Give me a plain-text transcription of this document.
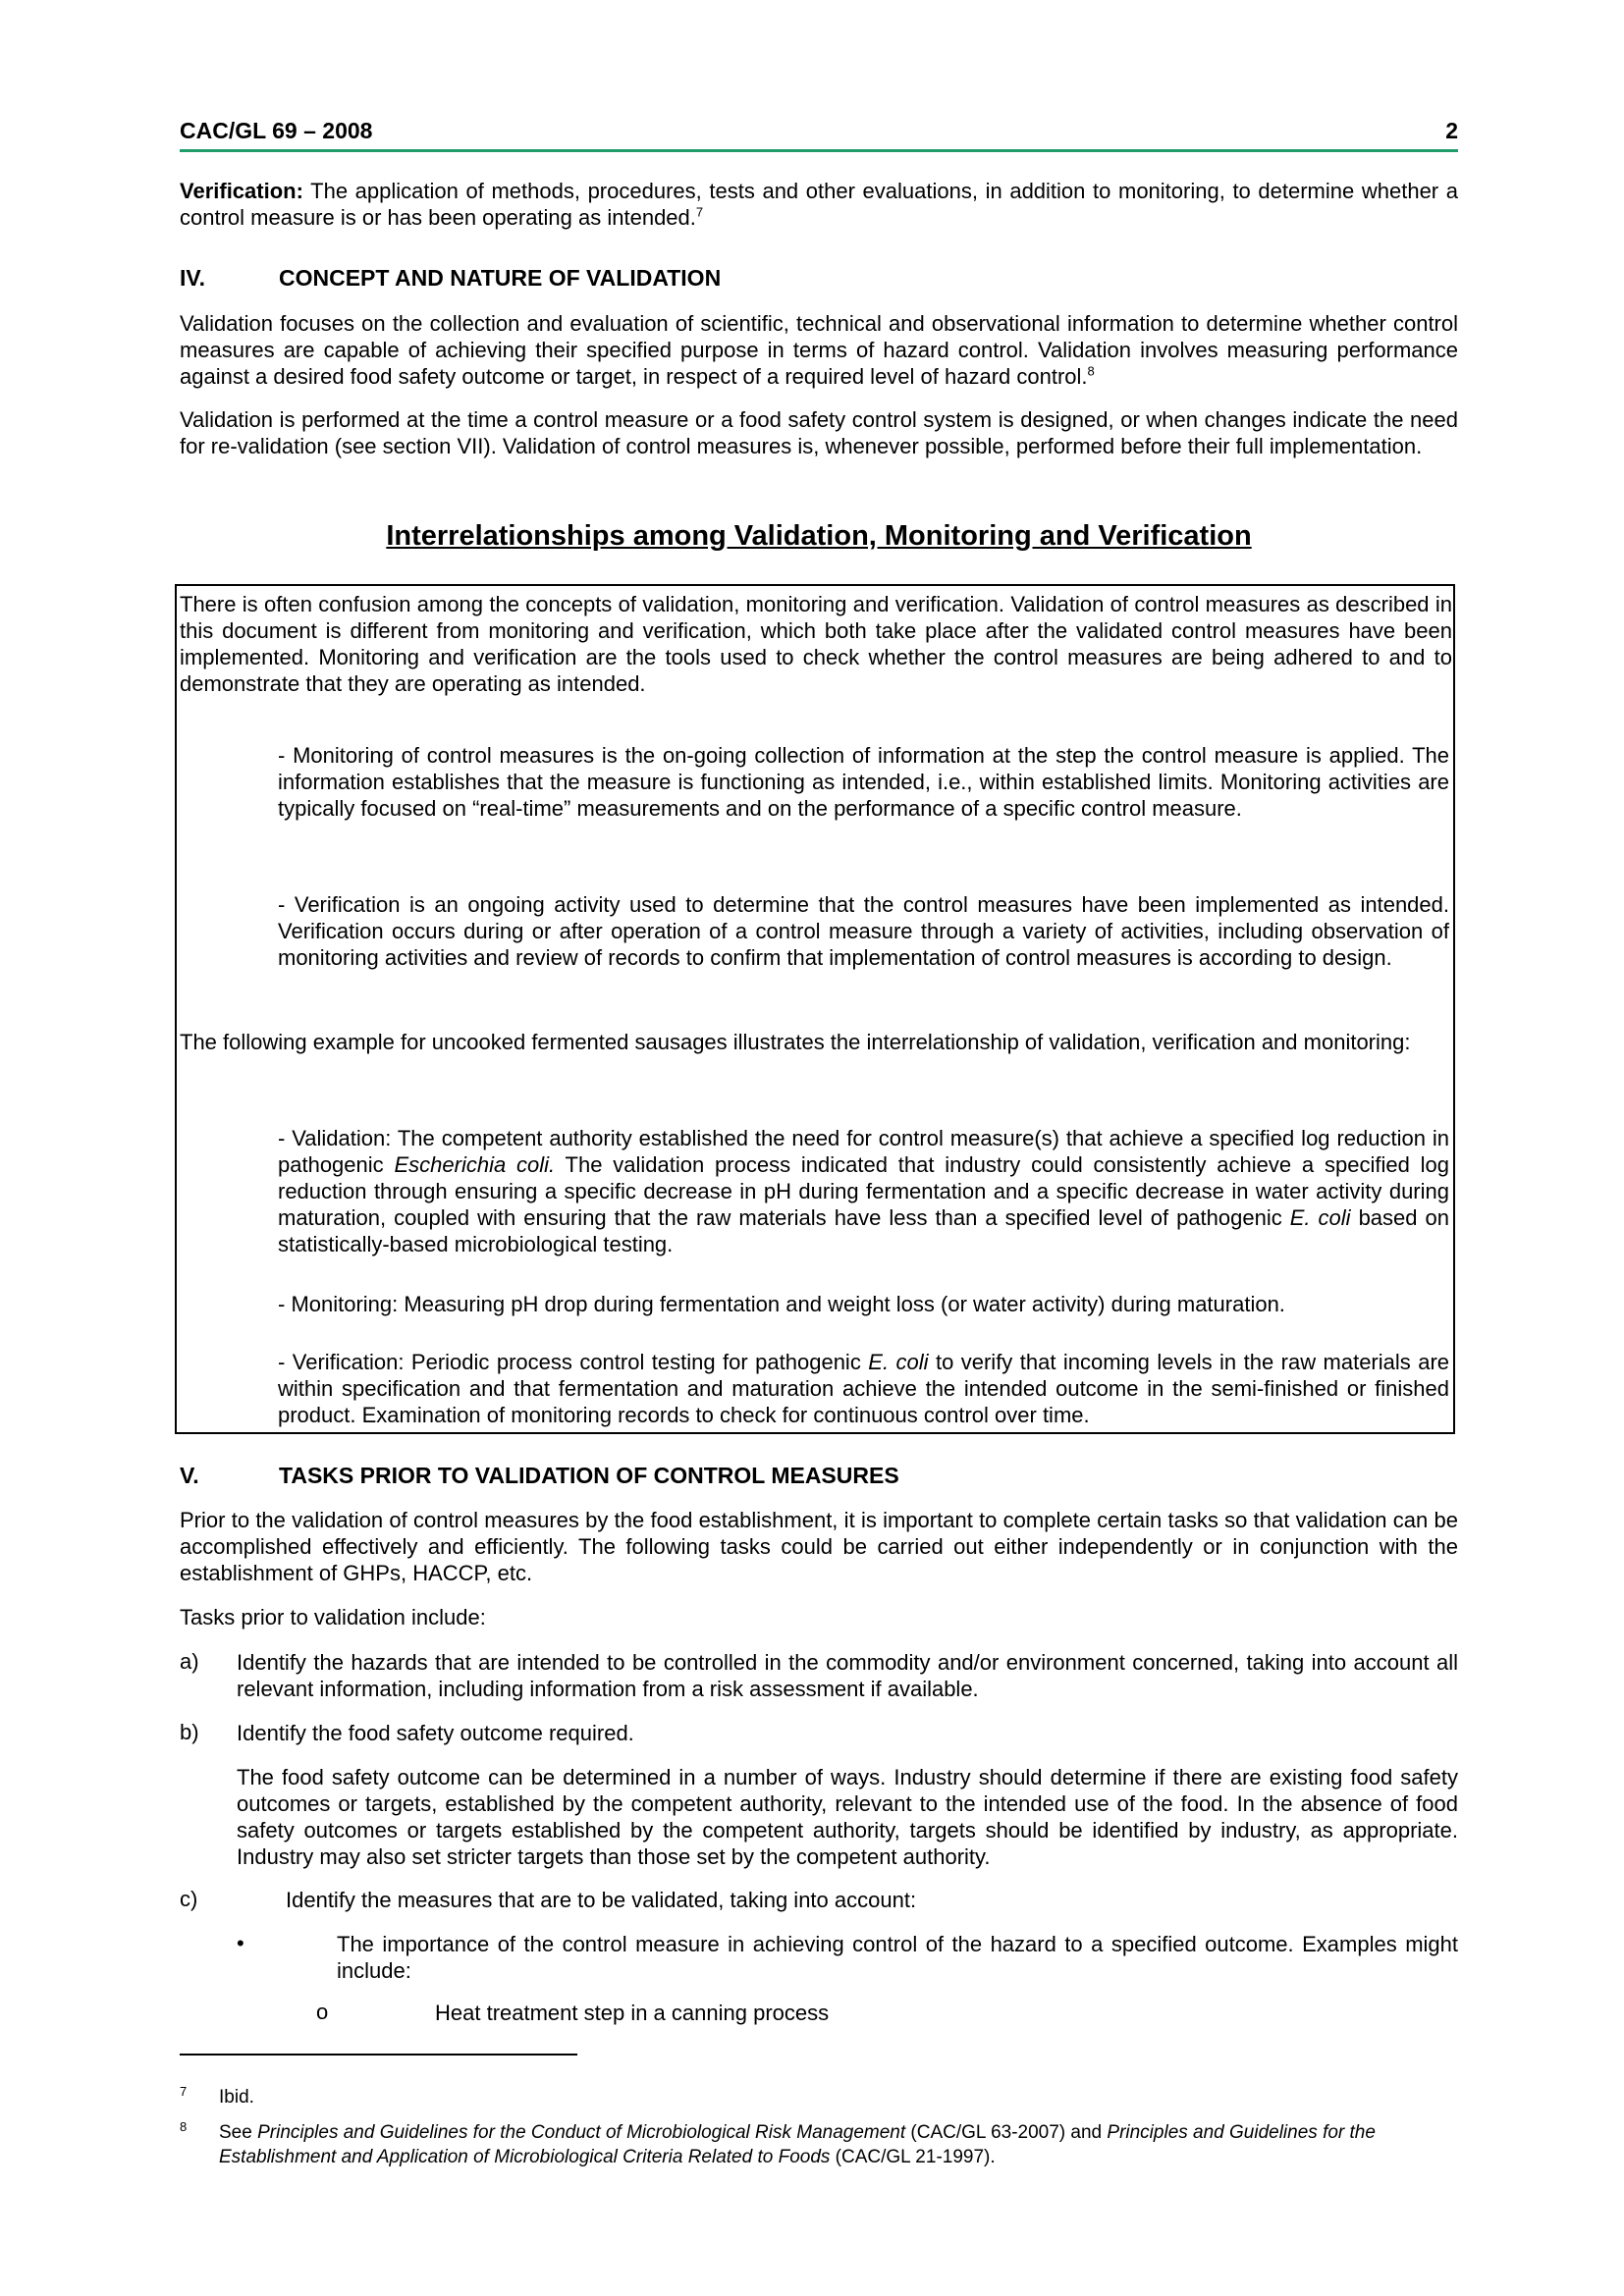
CAC/GL 69 – 2008	2

Verification: The application of methods, procedures, tests and other evaluations, in addition to monitoring, to determine whether a control measure is or has been operating as intended.$^7$

IV.	CONCEPT AND NATURE OF VALIDATION

Validation focuses on the collection and evaluation of scientific, technical and observational information to determine whether control measures are capable of achieving their specified purpose in terms of hazard control. Validation involves measuring performance against a desired food safety outcome or target, in respect of a required level of hazard control.$^8$

Validation is performed at the time a control measure or a food safety control system is designed, or when changes indicate the need for re-validation (see section VII). Validation of control measures is, whenever possible, performed before their full implementation.

Interrelationships among Validation, Monitoring and Verification

There is often confusion among the concepts of validation, monitoring and verification. Validation of control measures as described in this document is different from monitoring and verification, which both take place after the validated control measures have been implemented. Monitoring and verification are the tools used to check whether the control measures are being adhered to and to demonstrate that they are operating as intended.

- Monitoring of control measures is the on-going collection of information at the step the control measure is applied. The information establishes that the measure is functioning as intended, i.e., within established limits. Monitoring activities are typically focused on “real-time” measurements and on the performance of a specific control measure.

- Verification is an ongoing activity used to determine that the control measures have been implemented as intended. Verification occurs during or after operation of a control measure through a variety of activities, including observation of monitoring activities and review of records to confirm that implementation of control measures is according to design.

The following example for uncooked fermented sausages illustrates the interrelationship of validation, verification and monitoring:

- Validation: The competent authority established the need for control measure(s) that achieve a specified log reduction in pathogenic Escherichia coli. The validation process indicated that industry could consistently achieve a specified log reduction through ensuring a specific decrease in pH during fermentation and a specific decrease in water activity during maturation, coupled with ensuring that the raw materials have less than a specified level of pathogenic E. coli based on statistically-based microbiological testing.

- Monitoring: Measuring pH drop during fermentation and weight loss (or water activity) during maturation.

- Verification: Periodic process control testing for pathogenic E. coli to verify that incoming levels in the raw materials are within specification and that fermentation and maturation achieve the intended outcome in the semi-finished or finished product. Examination of monitoring records to check for continuous control over time.

V.	TASKS PRIOR TO VALIDATION OF CONTROL MEASURES

Prior to the validation of control measures by the food establishment, it is important to complete certain tasks so that validation can be accomplished effectively and efficiently. The following tasks could be carried out either independently or in conjunction with the establishment of GHPs, HACCP, etc.

Tasks prior to validation include:

a) Identify the hazards that are intended to be controlled in the commodity and/or environment concerned, taking into account all relevant information, including information from a risk assessment if available.

b) Identify the food safety outcome required.

The food safety outcome can be determined in a number of ways. Industry should determine if there are existing food safety outcomes or targets, established by the competent authority, relevant to the intended use of the food. In the absence of food safety outcomes or targets established by the competent authority, targets should be identified by industry, as appropriate. Industry may also set stricter targets than those set by the competent authority.

c)	Identify the measures that are to be validated, taking into account:

•	The importance of the control measure in achieving control of the hazard to a specified outcome. Examples might include:

o	Heat treatment step in a canning process

7 Ibid.
8 See Principles and Guidelines for the Conduct of Microbiological Risk Management (CAC/GL 63-2007) and Principles and Guidelines for the Establishment and Application of Microbiological Criteria Related to Foods (CAC/GL 21-1997).
